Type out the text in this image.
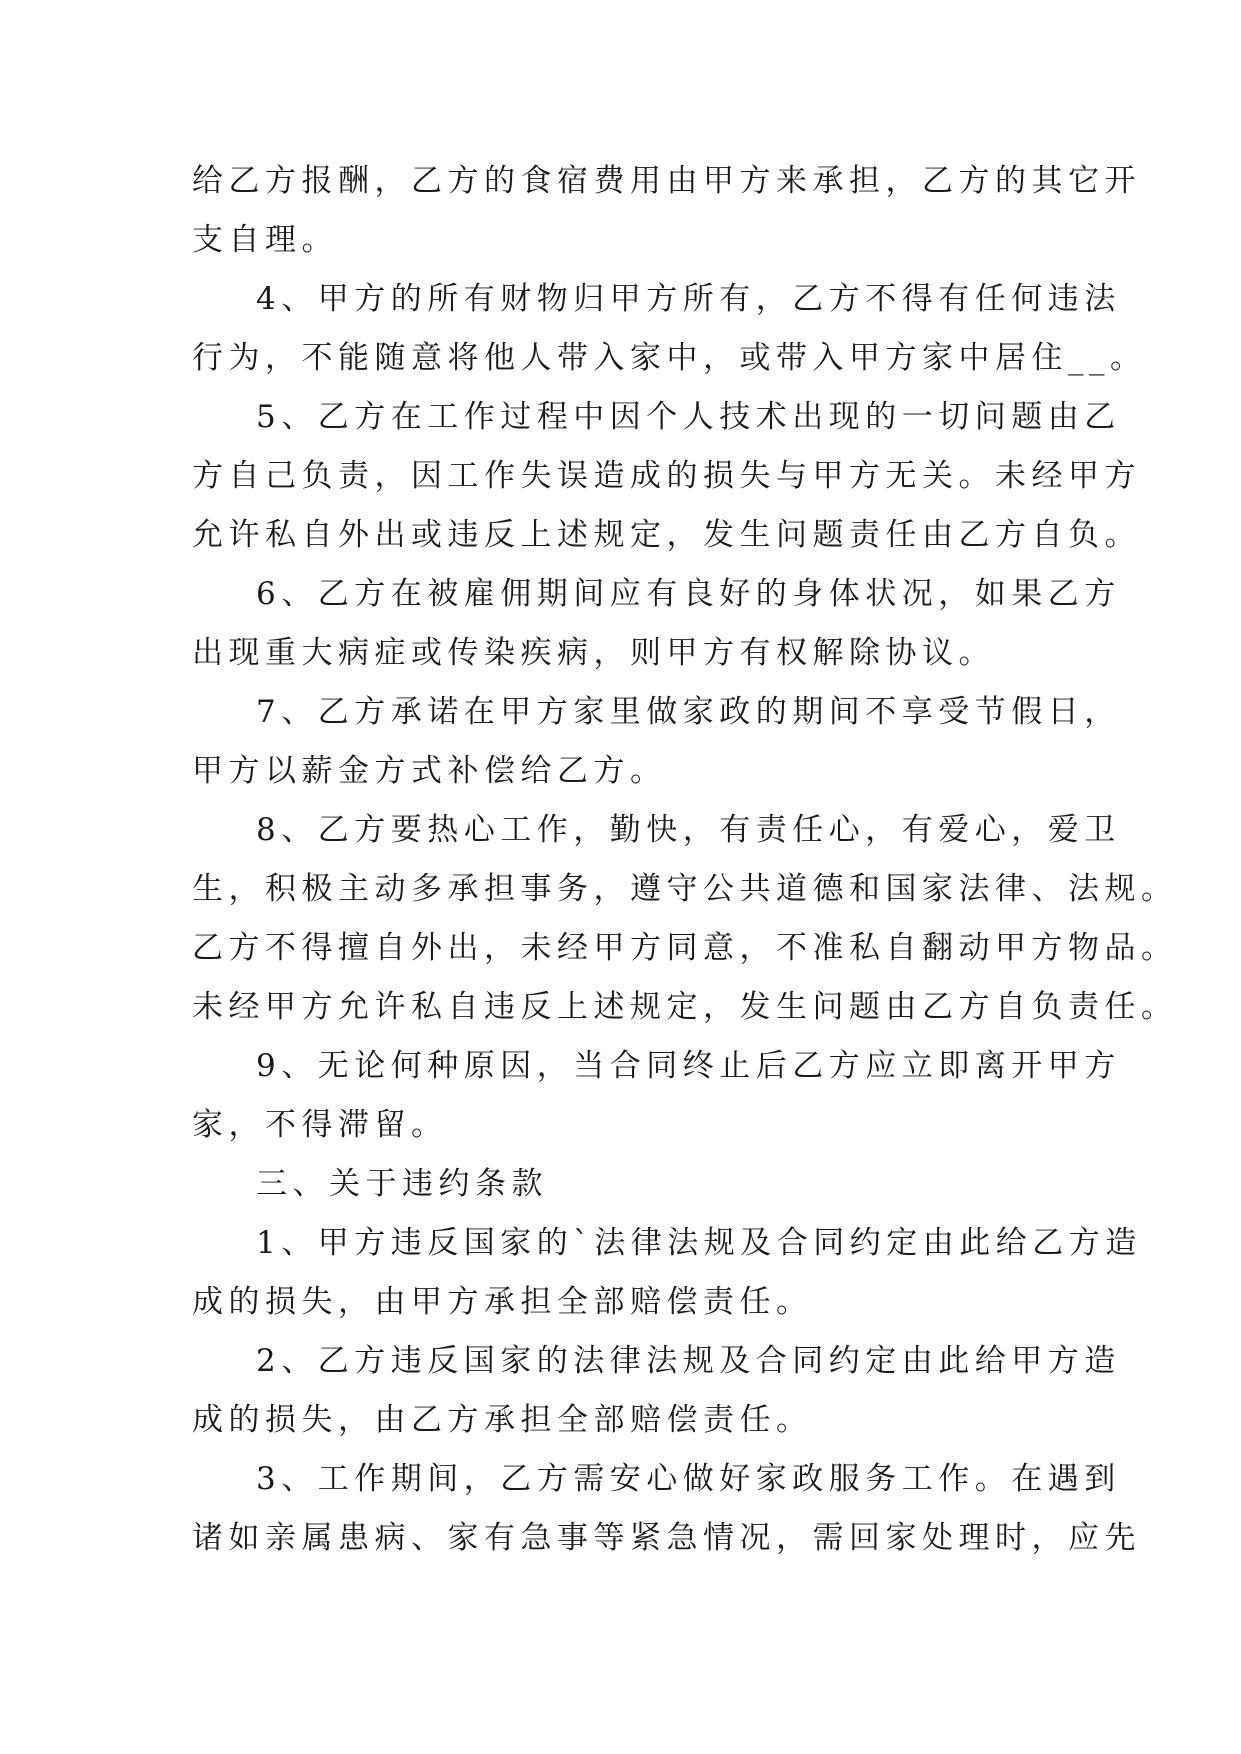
给乙方报酬，乙方的食宿费用由甲方来承担，乙方的其它开
支自理。

4、甲方的所有财物归甲方所有，乙方不得有任何违法
行为，不能随意将他人带入家中，或带入甲方家中居住__。

5、乙方在工作过程中因个人技术出现的一切问题由乙
方自己负责，因工作失误造成的损失与甲方无关。未经甲方
允许私自外出或违反上述规定，发生问题责任由乙方自负。

6、乙方在被雇佣期间应有良好的身体状况，如果乙方
出现重大病症或传染疾病，则甲方有权解除协议。

7、乙方承诺在甲方家里做家政的期间不享受节假日，
甲方以薪金方式补偿给乙方。

8、乙方要热心工作，勤快，有责任心，有爱心，爱卫
生，积极主动多承担事务，遵守公共道德和国家法律、法规。
乙方不得擅自外出，未经甲方同意，不准私自翻动甲方物品。
未经甲方允许私自违反上述规定，发生问题由乙方自负责任。

9、无论何种原因，当合同终止后乙方应立即离开甲方
家，不得滞留。

三、关于违约条款

1、甲方违反国家的`法律法规及合同约定由此给乙方造
成的损失，由甲方承担全部赔偿责任。

2、乙方违反国家的法律法规及合同约定由此给甲方造
成的损失，由乙方承担全部赔偿责任。

3、工作期间，乙方需安心做好家政服务工作。在遇到
诸如亲属患病、家有急事等紧急情况，需回家处理时，应先
